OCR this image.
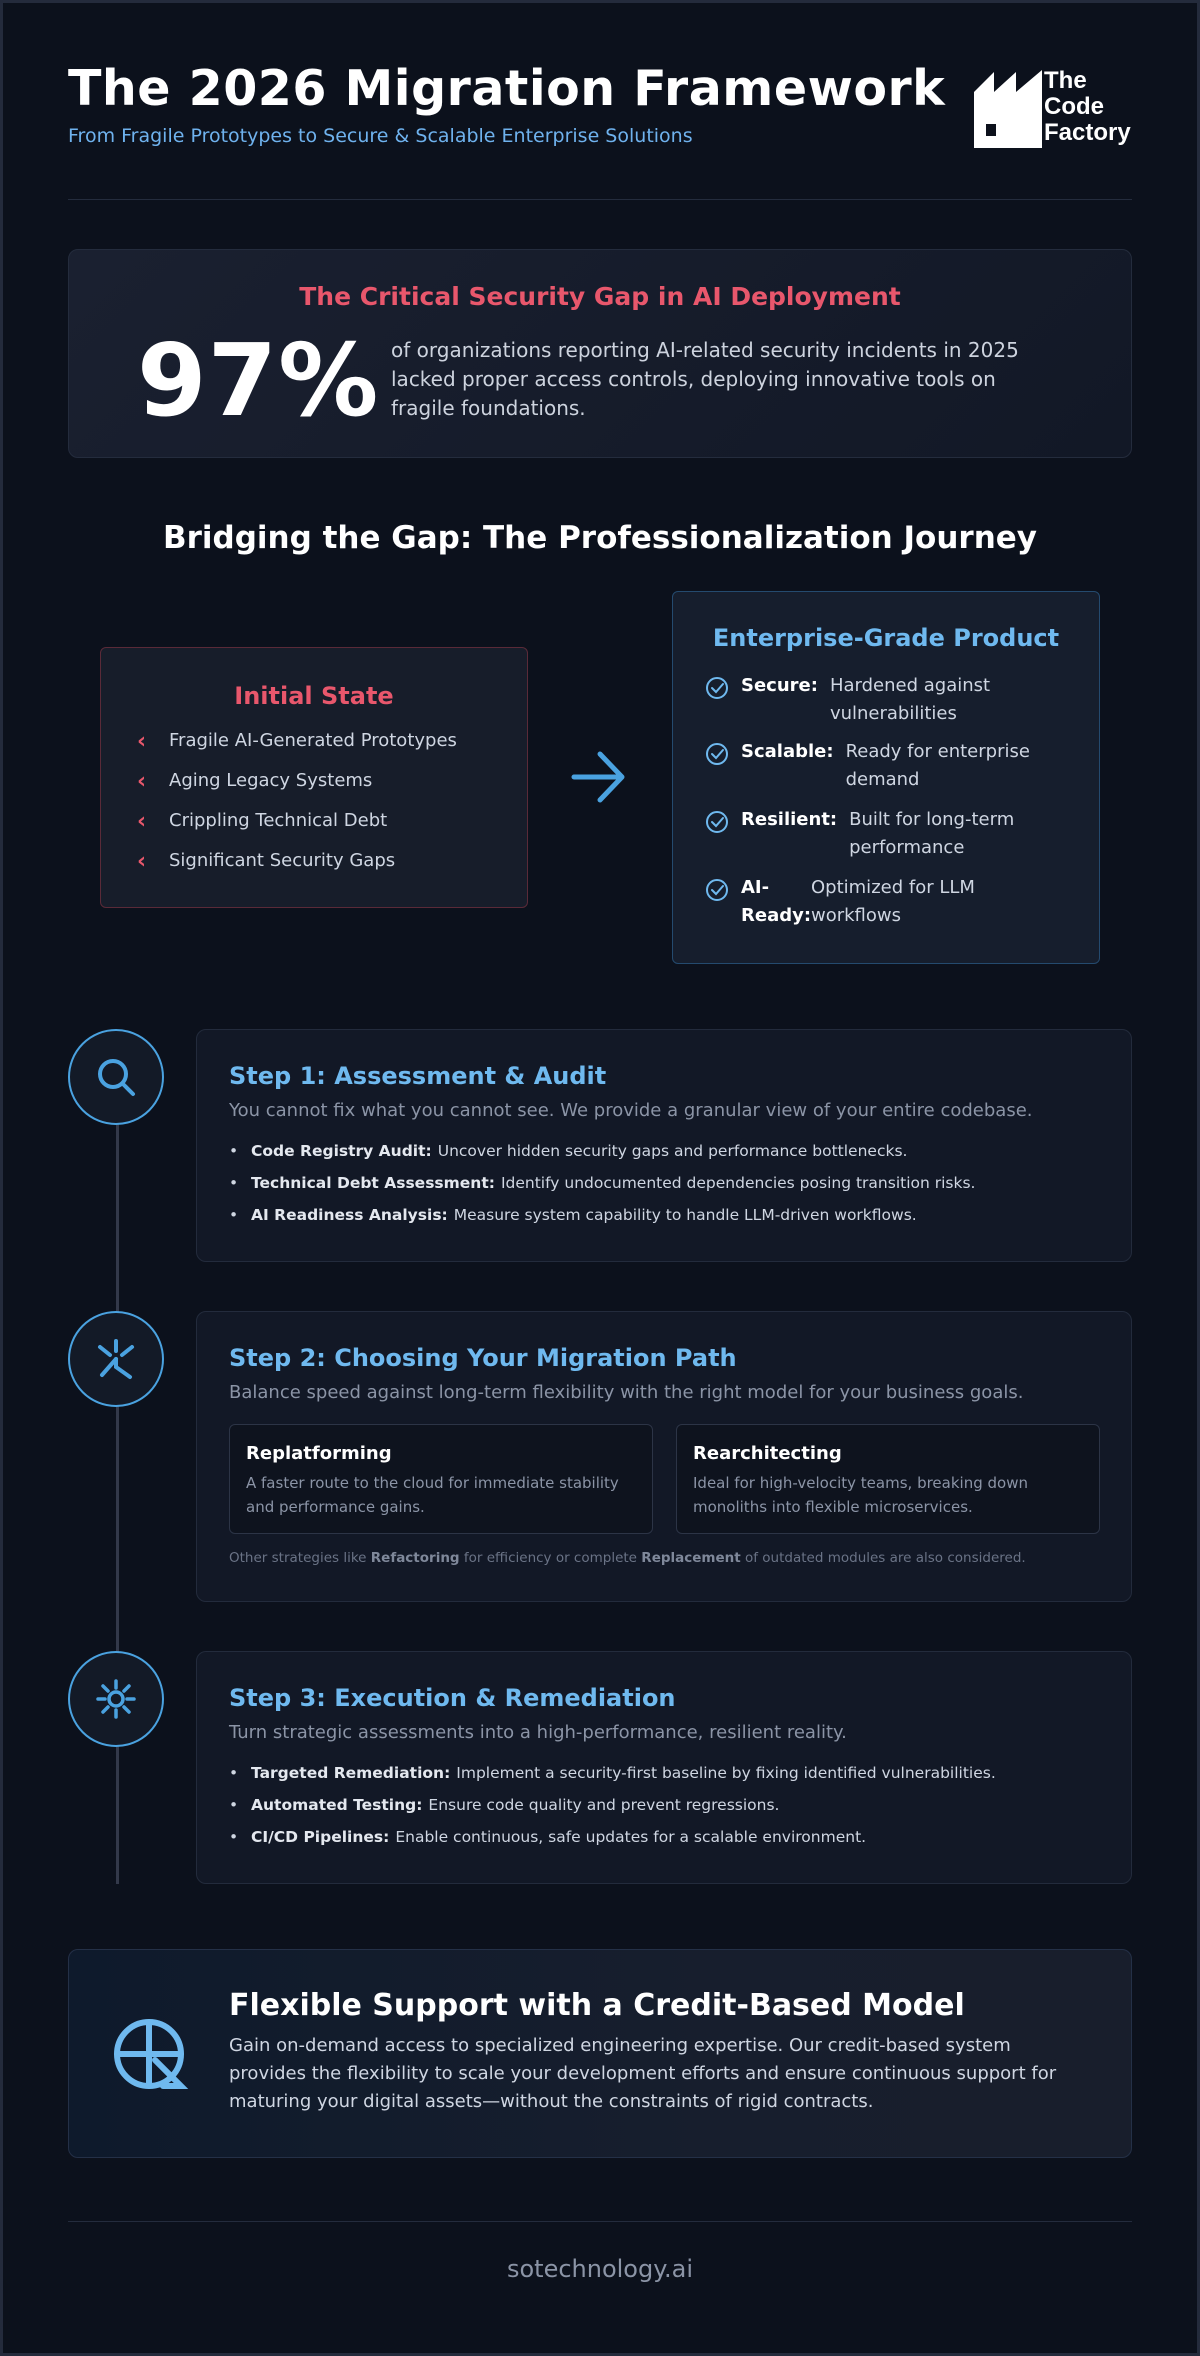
The 2026 Migration Framework
From Fragile Prototypes to Secure & Scalable Enterprise Solutions
The
Code
Factory
The Critical Security Gap in AI Deployment
97% of organizations reporting AI-related security incidents in 2025 lacked proper access controls, deploying innovative tools on fragile foundations.
Bridging the Gap: The Professionalization Journey
Initial State
‹	Fragile AI-Generated Prototypes
‹	Aging Legacy Systems
‹	Crippling Technical Debt
‹	Significant Security Gaps
Enterprise-Grade Product
Secure: Hardened against vulnerabilities
Scalable: Ready for enterprise demand
Resilient: Built for long-term performance
AI-Ready:
Optimized for LLM workflows
Step 1: Assessment & Audit
You cannot fix what you cannot see. We provide a granular view of your entire codebase.
• Code Registry Audit: Uncover hidden security gaps and performance bottlenecks.
• Technical Debt Assessment: Identify undocumented dependencies posing transition risks.
• AI Readiness Analysis: Measure system capability to handle LLM-driven workflows.
Step 2: Choosing Your Migration Path
Balance speed against long-term flexibility with the right model for your business goals.
Replatforming
A faster route to the cloud for immediate stability and performance gains.
Rearchitecting
Ideal for high-velocity teams, breaking down monoliths into flexible microservices.
Other strategies like Refactoring for efficiency or complete Replacement of outdated modules are also considered.
Step 3: Execution & Remediation
Turn strategic assessments into a high-performance, resilient reality.
• Targeted Remediation: Implement a security-first baseline by fixing identified vulnerabilities.
• Automated Testing: Ensure code quality and prevent regressions.
• CI/CD Pipelines: Enable continuous, safe updates for a scalable environment.
Flexible Support with a Credit-Based Model
Gain on-demand access to specialized engineering expertise. Our credit-based system provides the flexibility to scale your development efforts and ensure continuous support for maturing your digital assets—without the constraints of rigid contracts.
sotechnology.ai
